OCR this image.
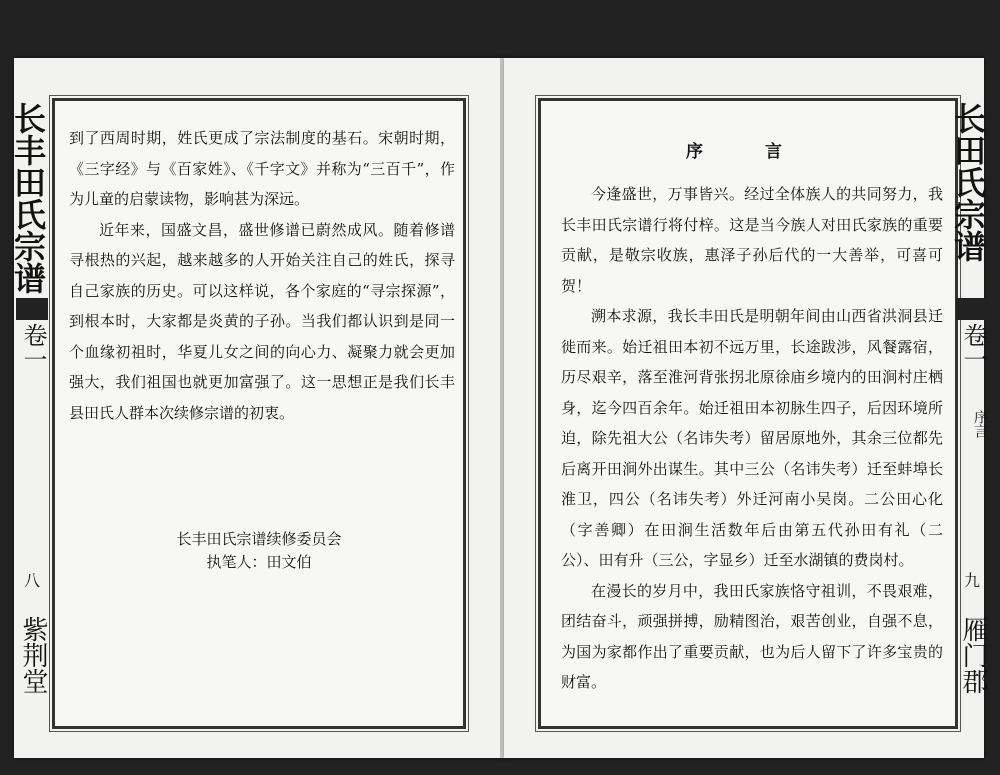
长丰田氏宗谱
卷一
八
紫荆堂

到了西周时期，姓氏更成了宗法制度的基石。宋朝时期，《三字经》与《百家姓》、《千字文》并称为“三百千”，作为儿童的启蒙读物，影响甚为深远。

近年来，国盛文昌，盛世修谱已蔚然成风。随着修谱寻根热的兴起，越来越多的人开始关注自己的姓氏，探寻自己家族的历史。可以这样说，各个家庭的“寻宗探源”，到根本时，大家都是炎黄的子孙。当我们都认识到是同一个血缘初祖时，华夏儿女之间的向心力、凝聚力就会更加强大，我们祖国也就更加富强了。这一思想正是我们长丰县田氏人群本次续修宗谱的初衷。

长丰田氏宗谱续修委员会
执笔人：田文伯
序 言

今逢盛世，万事皆兴。经过全体族人的共同努力，我长丰田氏宗谱行将付梓。这是当今族人对田氏家族的重要贡献，是敬宗收族，惠泽子孙后代的一大善举，可喜可贺！

溯本求源，我长丰田氏是明朝年间由山西省洪洞县迁徙而来。始迁祖田本初不远万里，长途跋涉，风餐露宿，历尽艰辛，落至淮河背张拐北原徐庙乡境内的田涧村庄栖身，迄今四百余年。始迁祖田本初脉生四子，后因环境所迫，除先祖大公（名讳失考）留居原地外，其余三位都先后离开田涧外出谋生。其中三公（名讳失考）迁至蚌埠长淮卫，四公（名讳失考）外迁河南小吴岗。二公田心化（字善卿）在田涧生活数年后由第五代孙田有礼（二公）、田有升（三公，字显乡）迁至水湖镇的费岗村。

在漫长的岁月中，我田氏家族恪守祖训，不畏艰难，团结奋斗，顽强拼搏，励精图治，艰苦创业，自强不息，为国为家都作出了重要贡献，也为后人留下了许多宝贵的财富。

长田氏宗谱
卷一
序言
九
雁门郡
